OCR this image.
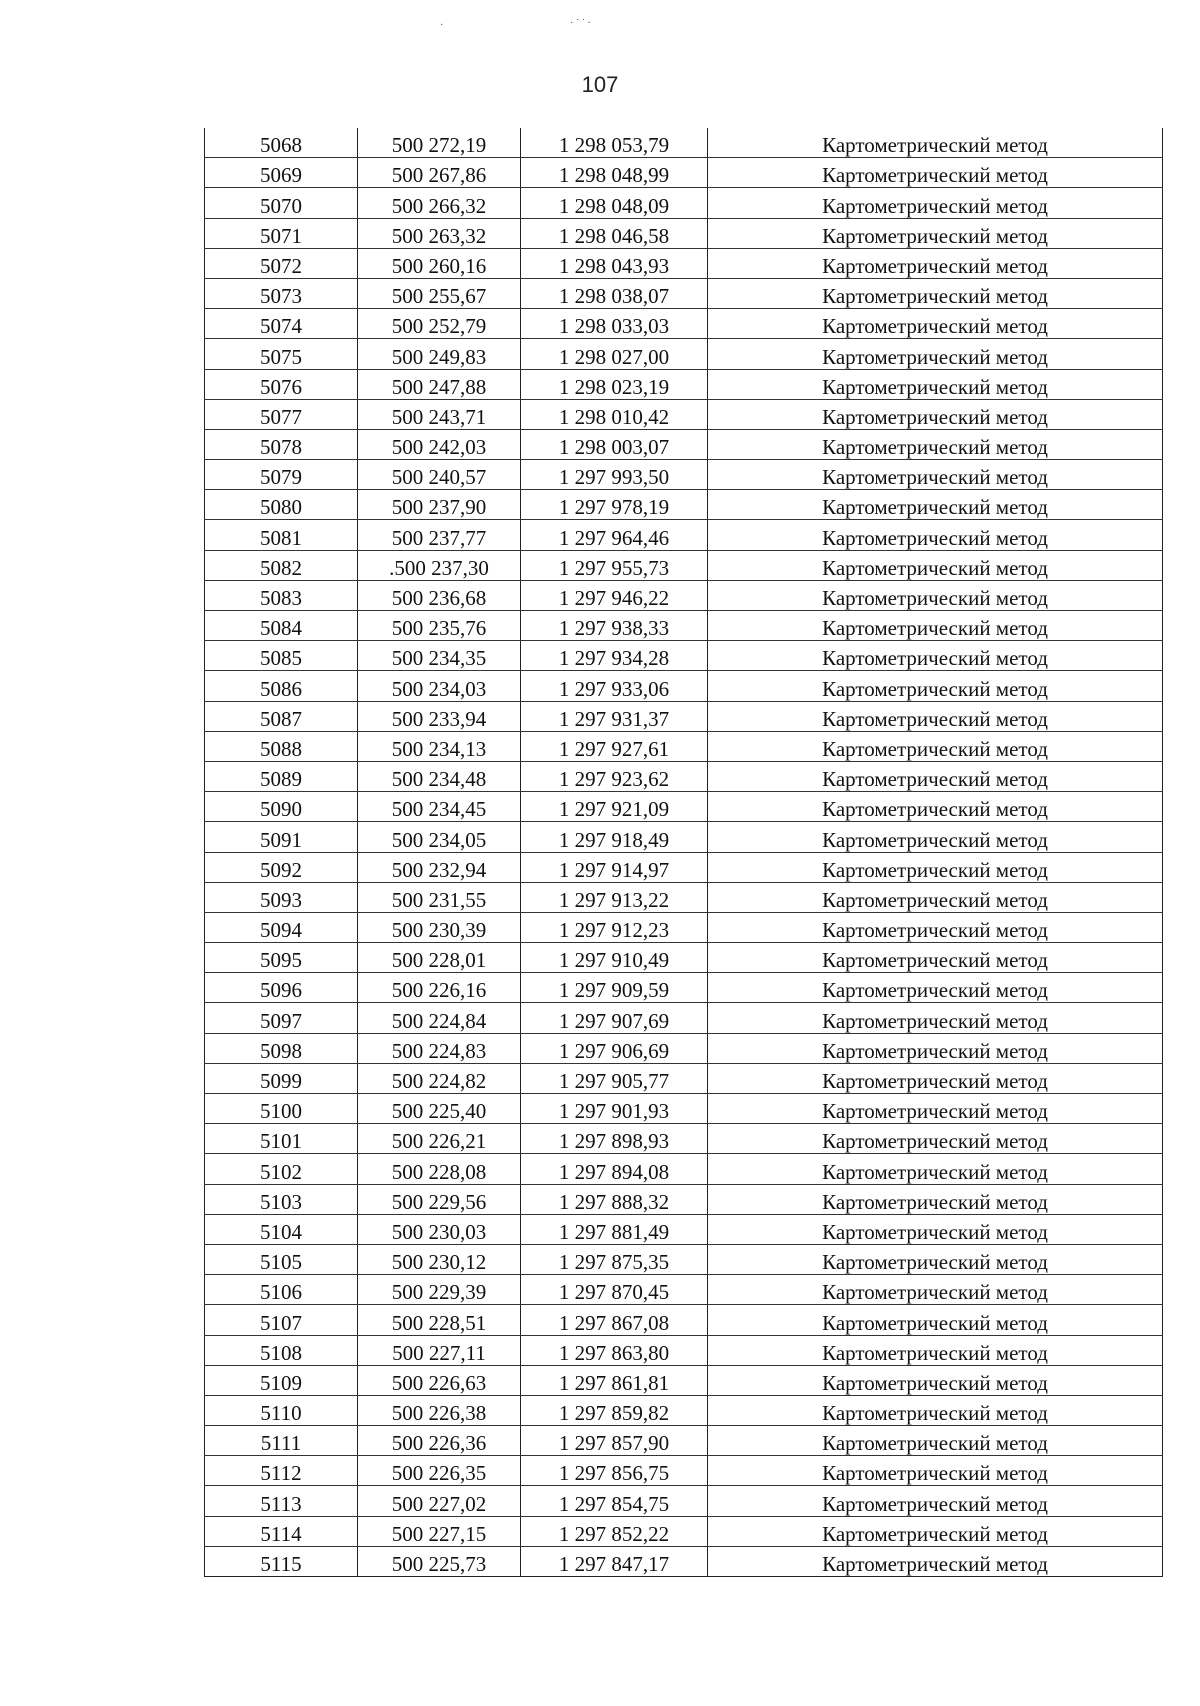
·	· ˙ ˙ ·
107
5068	500 272,19	1 298 053,79	Картометрический метод
5069	500 267,86	1 298 048,99	Картометрический метод
5070	500 266,32	1 298 048,09	Картометрический метод
5071	500 263,32	1 298 046,58	Картометрический метод
5072	500 260,16	1 298 043,93	Картометрический метод
5073	500 255,67	1 298 038,07	Картометрический метод
5074	500 252,79	1 298 033,03	Картометрический метод
5075	500 249,83	1 298 027,00	Картометрический метод
5076	500 247,88	1 298 023,19	Картометрический метод
5077	500 243,71	1 298 010,42	Картометрический метод
5078	500 242,03	1 298 003,07	Картометрический метод
5079	500 240,57	1 297 993,50	Картометрический метод
5080	500 237,90	1 297 978,19	Картометрический метод
5081	500 237,77	1 297 964,46	Картометрический метод
5082	.500 237,30	1 297 955,73	Картометрический метод
5083	500 236,68	1 297 946,22	Картометрический метод
5084	500 235,76	1 297 938,33	Картометрический метод
5085	500 234,35	1 297 934,28	Картометрический метод
5086	500 234,03	1 297 933,06	Картометрический метод
5087	500 233,94	1 297 931,37	Картометрический метод
5088	500 234,13	1 297 927,61	Картометрический метод
5089	500 234,48	1 297 923,62	Картометрический метод
5090	500 234,45	1 297 921,09	Картометрический метод
5091	500 234,05	1 297 918,49	Картометрический метод
5092	500 232,94	1 297 914,97	Картометрический метод
5093	500 231,55	1 297 913,22	Картометрический метод
5094	500 230,39	1 297 912,23	Картометрический метод
5095	500 228,01	1 297 910,49	Картометрический метод
5096	500 226,16	1 297 909,59	Картометрический метод
5097	500 224,84	1 297 907,69	Картометрический метод
5098	500 224,83	1 297 906,69	Картометрический метод
5099	500 224,82	1 297 905,77	Картометрический метод
5100	500 225,40	1 297 901,93	Картометрический метод
5101	500 226,21	1 297 898,93	Картометрический метод
5102	500 228,08	1 297 894,08	Картометрический метод
5103	500 229,56	1 297 888,32	Картометрический метод
5104	500 230,03	1 297 881,49	Картометрический метод
5105	500 230,12	1 297 875,35	Картометрический метод
5106	500 229,39	1 297 870,45	Картометрический метод
5107	500 228,51	1 297 867,08	Картометрический метод
5108	500 227,11	1 297 863,80	Картометрический метод
5109	500 226,63	1 297 861,81	Картометрический метод
5110	500 226,38	1 297 859,82	Картометрический метод
5111	500 226,36	1 297 857,90	Картометрический метод
5112	500 226,35	1 297 856,75	Картометрический метод
5113	500 227,02	1 297 854,75	Картометрический метод
5114	500 227,15	1 297 852,22	Картометрический метод
5115	500 225,73	1 297 847,17	Картометрический метод
